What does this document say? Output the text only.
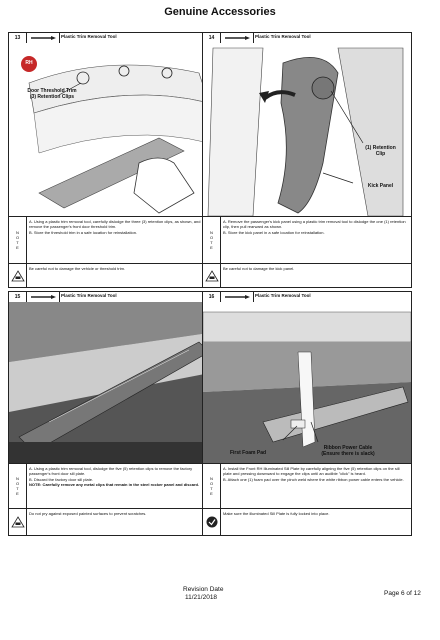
Genuine Accessories
13	Plastic Trim Removal Tool
RH
Door Threshold Trim
(3) Retention Clips
N
O
T
E
A. Using a plastic trim removal tool, carefully dislodge the three (3) retention clips, as shown, and remove the passenger's front door threshold trim.
B. Store the threshold trim in a safe location for reinstallation.
Be careful not to damage the vehicle or threshold trim.
14	Plastic Trim Removal Tool
(1) Retention
Clip
Kick Panel
N
O
T
E
A. Remove the passenger's kick panel using a plastic trim removal tool to dislodge the one (1) retention clip, then pull rearward as shown.
B. Store the kick panel in a safe location for reinstallation.
Be careful not to damage the kick panel.
15	Plastic Trim Removal Tool
N
O
T
E
A. Using a plastic trim removal tool, dislodge the five (5) retention clips to remove the factory passenger's front door sill plate.
B. Discard the factory door sill plate.
NOTE: Carefully remove any metal clips that remain in the steel rocker panel and discard.
Do not pry against exposed painted surfaces to prevent scratches.
16	Plastic Trim Removal Tool
First Foam Pad
Ribbon Power Cable
(Ensure there is slack)
N
O
T
E
A. Install the Front RH Illuminated Sill Plate by carefully aligning the five (5) retention clips on the sill plate and pressing downward to engage the clips until an audible "click" is heard.
B. Attach one (1) foam pad over the pinch weld where the white ribbon power cable enters the vehicle.
Make sure the illuminated Sill Plate is fully locked into place.
Revision Date
11/21/2018
Page 6 of 12
